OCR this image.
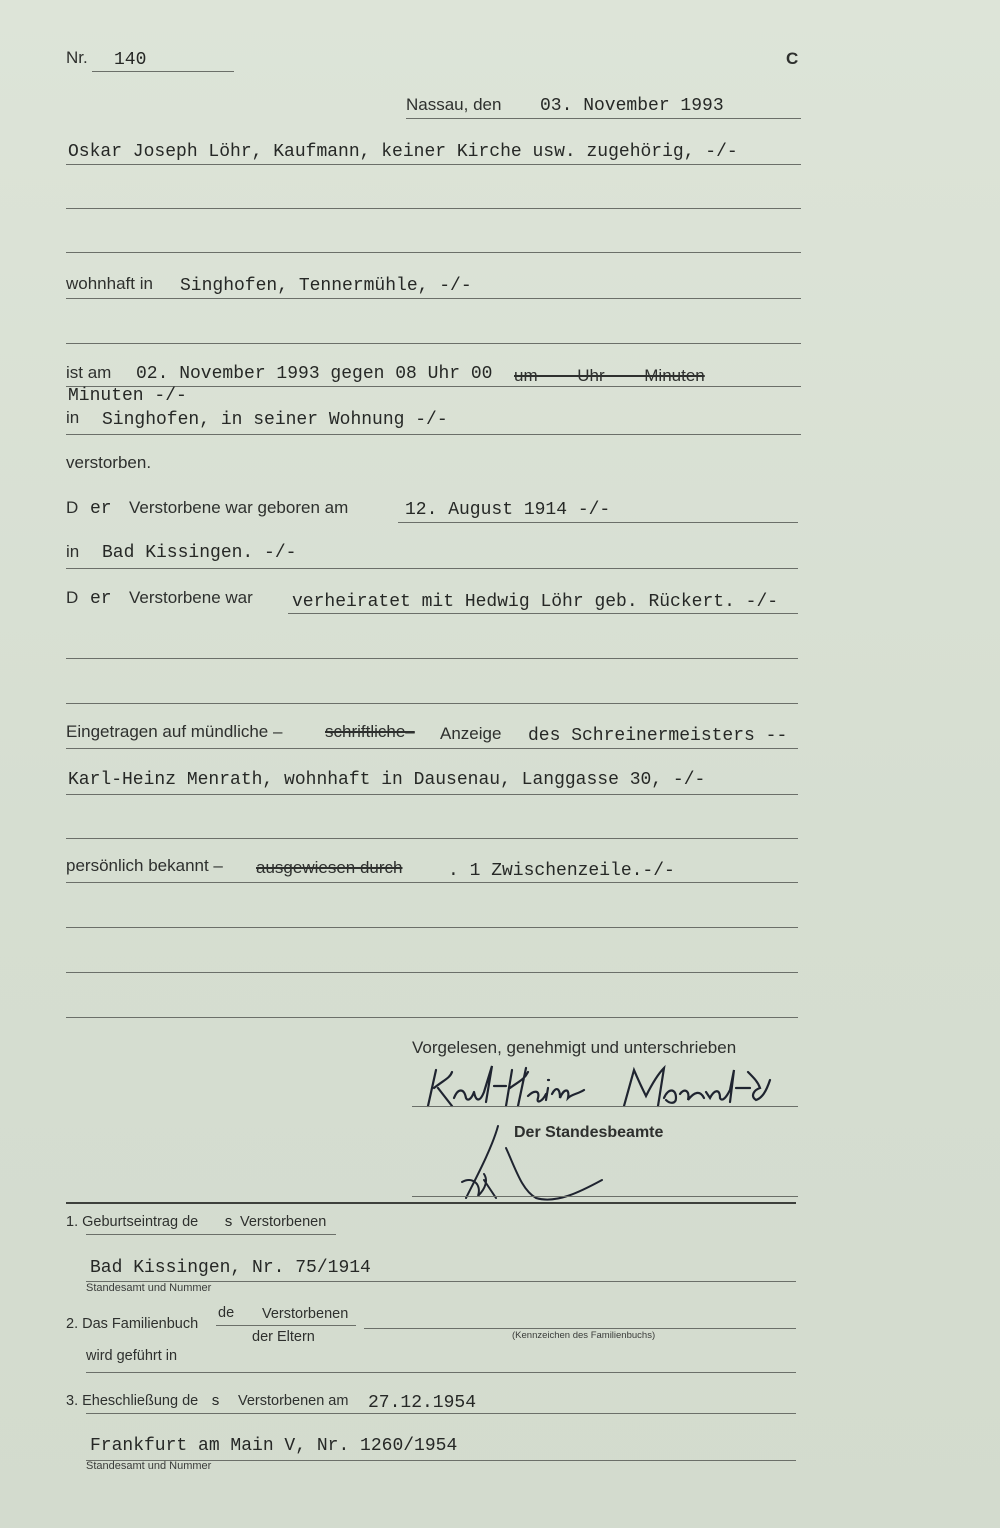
Nr. 140	C
Nassau, den 03. November 1993
Oskar Joseph Löhr, Kaufmann, keiner Kirche usw. zugehörig, -/-
wohnhaft in Singhofen, Tennermühle, -/-
ist am 02. November 1993 gegen 08 Uhr 00 um-------Uhr-------Minuten
Minuten -/-
in Singhofen, in seiner Wohnung -/-
verstorben.
D er Verstorbene war geboren am	12. August 1914 -/-
in Bad Kissingen. -/-
D er Verstorbene war verheiratet mit Hedwig Löhr geb. Rückert. -/-
Eingetragen auf mündliche –	schriftliche– Anzeige des Schreinermeisters --
Karl-Heinz Menrath, wohnhaft in Dausenau, Langgasse 30, -/-
persönlich bekannt – ausgewiesen durch	. 1 Zwischenzeile.-/-
Vorgelesen, genehmigt und unterschrieben
Der Standesbeamte
1. Geburtseintrag de s Verstorbenen
Bad Kissingen, Nr. 75/1914
Standesamt und Nummer
2. Das Familienbuch
de Verstorbenen
der Eltern	(Kennzeichen des Familienbuchs)
wird geführt in
3. Eheschließung de s Verstorbenen am 27.12.1954
Frankfurt am Main V, Nr. 1260/1954
Standesamt und Nummer
